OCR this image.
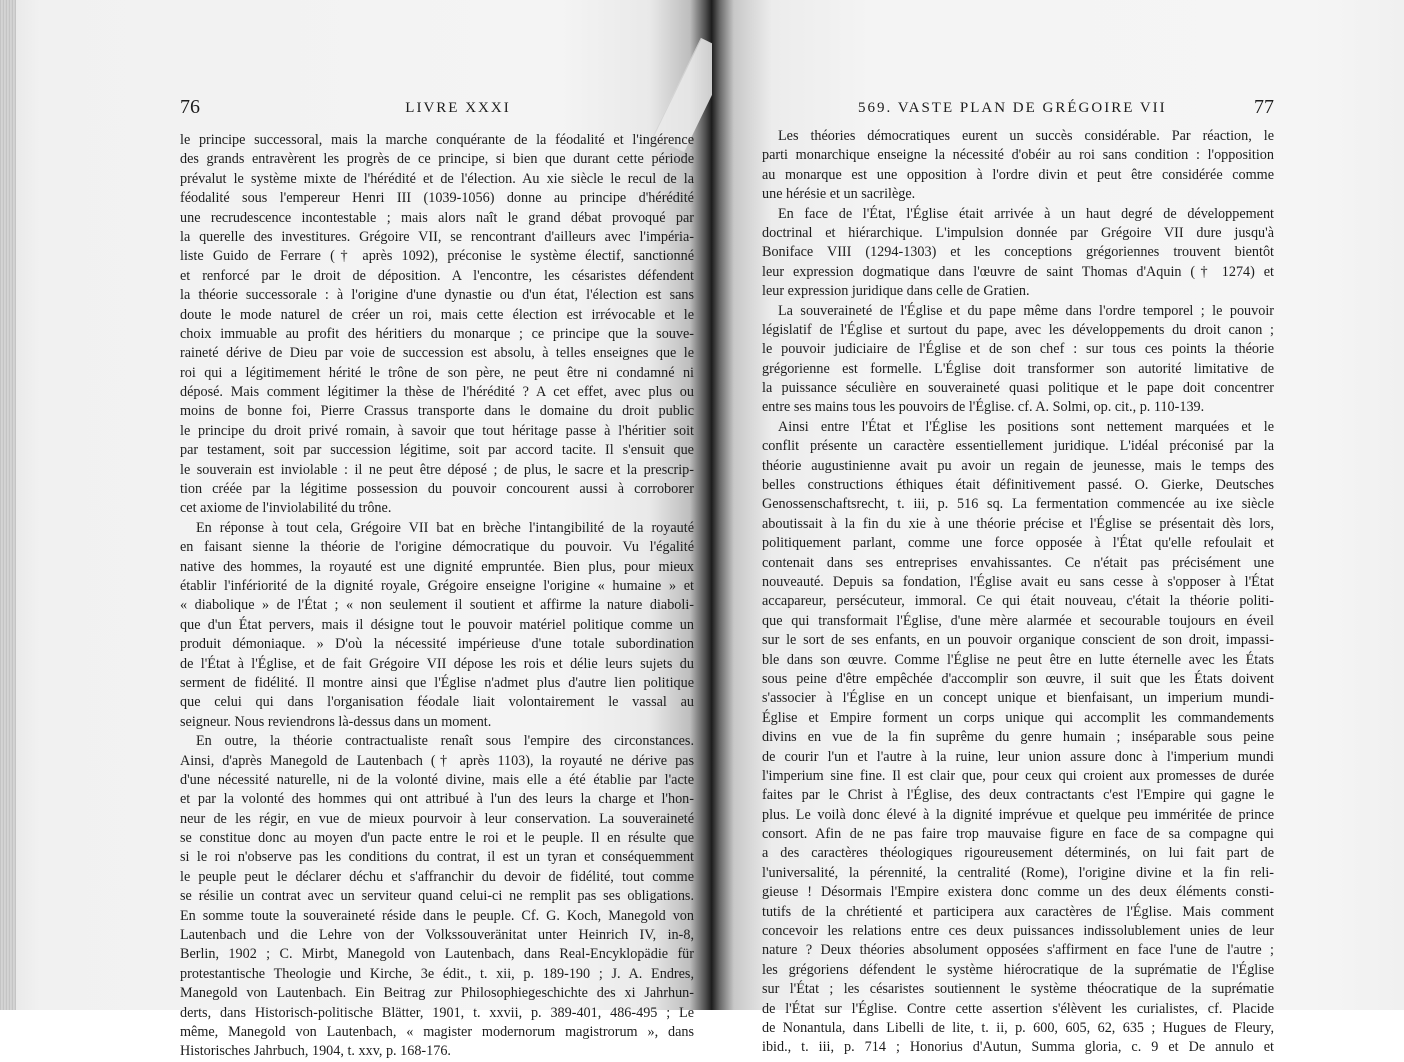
76	LIVRE XXXI
le principe successoral, mais la marche conquérante de la féodalité et l'ingérence
des grands entravèrent les progrès de ce principe, si bien que durant cette période
prévalut le système mixte de l'hérédité et de l'élection. Au xie siècle le recul de la
féodalité sous l'empereur Henri III (1039-1056) donne au principe d'hérédité
une recrudescence incontestable ; mais alors naît le grand débat provoqué par
la querelle des investitures. Grégoire VII, se rencontrant d'ailleurs avec l'impéria-
liste Guido de Ferrare († après 1092), préconise le système électif, sanctionné
et renforcé par le droit de déposition. A l'encontre, les césaristes défendent
la théorie successorale : à l'origine d'une dynastie ou d'un état, l'élection est sans
doute le mode naturel de créer un roi, mais cette élection est irrévocable et le
choix immuable au profit des héritiers du monarque ; ce principe que la souve-
raineté dérive de Dieu par voie de succession est absolu, à telles enseignes que le
roi qui a légitimement hérité le trône de son père, ne peut être ni condamné ni
déposé. Mais comment légitimer la thèse de l'hérédité ? A cet effet, avec plus ou
moins de bonne foi, Pierre Crassus transporte dans le domaine du droit public
le principe du droit privé romain, à savoir que tout héritage passe à l'héritier soit
par testament, soit par succession légitime, soit par accord tacite. Il s'ensuit que
le souverain est inviolable : il ne peut être déposé ; de plus, le sacre et la prescrip-
tion créée par la légitime possession du pouvoir concourent aussi à corroborer
cet axiome de l'inviolabilité du trône.
En réponse à tout cela, Grégoire VII bat en brèche l'intangibilité de la royauté
en faisant sienne la théorie de l'origine démocratique du pouvoir. Vu l'égalité
native des hommes, la royauté est une dignité empruntée. Bien plus, pour mieux
établir l'infériorité de la dignité royale, Grégoire enseigne l'origine « humaine » et
« diabolique » de l'État ; « non seulement il soutient et affirme la nature diaboli-
que d'un État pervers, mais il désigne tout le pouvoir matériel politique comme un
produit démoniaque. » D'où la nécessité impérieuse d'une totale subordination
de l'État à l'Église, et de fait Grégoire VII dépose les rois et délie leurs sujets du
serment de fidélité. Il montre ainsi que l'Église n'admet plus d'autre lien politique
que celui qui dans l'organisation féodale liait volontairement le vassal au
seigneur. Nous reviendrons là-dessus dans un moment.
En outre, la théorie contractualiste renaît sous l'empire des circonstances.
Ainsi, d'après Manegold de Lautenbach († après 1103), la royauté ne dérive pas
d'une nécessité naturelle, ni de la volonté divine, mais elle a été établie par l'acte
et par la volonté des hommes qui ont attribué à l'un des leurs la charge et l'hon-
neur de les régir, en vue de mieux pourvoir à leur conservation. La souveraineté
se constitue donc au moyen d'un pacte entre le roi et le peuple. Il en résulte que
si le roi n'observe pas les conditions du contrat, il est un tyran et conséquemment
le peuple peut le déclarer déchu et s'affranchir du devoir de fidélité, tout comme
se résilie un contrat avec un serviteur quand celui-ci ne remplit pas ses obligations.
En somme toute la souveraineté réside dans le peuple. Cf. G. Koch, Manegold von
Lautenbach und die Lehre von der Volkssouveränitat unter Heinrich IV, in-8,
Berlin, 1902 ; C. Mirbt, Manegold von Lautenbach, dans Real-Encyklopädie für
protestantische Theologie und Kirche, 3e édit., t. xii, p. 189-190 ; J. A. Endres,
Manegold von Lautenbach. Ein Beitrag zur Philosophiegeschichte des xi Jahrhun-
derts, dans Historisch-politische Blätter, 1901, t. xxvii, p. 389-401, 486-495 ; Le
même, Manegold von Lautenbach, « magister modernorum magistrorum », dans
Historisches Jahrbuch, 1904, t. xxv, p. 168-176.
569. VASTE PLAN DE GRÉGOIRE VII	77
Les théories démocratiques eurent un succès considérable. Par réaction, le
parti monarchique enseigne la nécessité d'obéir au roi sans condition : l'opposition
au monarque est une opposition à l'ordre divin et peut être considérée comme
une hérésie et un sacrilège.
En face de l'État, l'Église était arrivée à un haut degré de développement
doctrinal et hiérarchique. L'impulsion donnée par Grégoire VII dure jusqu'à
Boniface VIII (1294-1303) et les conceptions grégoriennes trouvent bientôt
leur expression dogmatique dans l'œuvre de saint Thomas d'Aquin († 1274) et
leur expression juridique dans celle de Gratien.
La souveraineté de l'Église et du pape même dans l'ordre temporel ; le pouvoir
législatif de l'Église et surtout du pape, avec les développements du droit canon ;
le pouvoir judiciaire de l'Église et de son chef : sur tous ces points la théorie
grégorienne est formelle. L'Église doit transformer son autorité limitative de
la puissance séculière en souveraineté quasi politique et le pape doit concentrer
entre ses mains tous les pouvoirs de l'Église. cf. A. Solmi, op. cit., p. 110-139.
Ainsi entre l'État et l'Église les positions sont nettement marquées et le
conflit présente un caractère essentiellement juridique. L'idéal préconisé par la
théorie augustinienne avait pu avoir un regain de jeunesse, mais le temps des
belles constructions éthiques était définitivement passé. O. Gierke, Deutsches
Genossenschaftsrecht, t. iii, p. 516 sq. La fermentation commencée au ixe siècle
aboutissait à la fin du xie à une théorie précise et l'Église se présentait dès lors,
politiquement parlant, comme une force opposée à l'État qu'elle refoulait et
contenait dans ses entreprises envahissantes. Ce n'était pas précisément une
nouveauté. Depuis sa fondation, l'Église avait eu sans cesse à s'opposer à l'État
accapareur, persécuteur, immoral. Ce qui était nouveau, c'était la théorie politi-
que qui transformait l'Église, d'une mère alarmée et secourable toujours en éveil
sur le sort de ses enfants, en un pouvoir organique conscient de son droit, impassi-
ble dans son œuvre. Comme l'Église ne peut être en lutte éternelle avec les États
sous peine d'être empêchée d'accomplir son œuvre, il suit que les États doivent
s'associer à l'Église en un concept unique et bienfaisant, un imperium mundi-
Église et Empire forment un corps unique qui accomplit les commandements
divins en vue de la fin suprême du genre humain ; inséparable sous peine
de courir l'un et l'autre à la ruine, leur union assure donc à l'imperium mundi
l'imperium sine fine. Il est clair que, pour ceux qui croient aux promesses de durée
faites par le Christ à l'Église, des deux contractants c'est l'Empire qui gagne le
plus. Le voilà donc élevé à la dignité imprévue et quelque peu imméritée de prince
consort. Afin de ne pas faire trop mauvaise figure en face de sa compagne qui
a des caractères théologiques rigoureusement déterminés, on lui fait part de
l'universalité, la pérennité, la centralité (Rome), l'origine divine et la fin reli-
gieuse ! Désormais l'Empire existera donc comme un des deux éléments consti-
tutifs de la chrétienté et participera aux caractères de l'Église. Mais comment
concevoir les relations entre ces deux puissances indissolublement unies de leur
nature ? Deux théories absolument opposées s'affirment en face l'une de l'autre ;
les grégoriens défendent le système hiérocratique de la suprématie de l'Église
sur l'État ; les césaristes soutiennent le système théocratique de la suprématie
de l'État sur l'Église. Contre cette assertion s'élèvent les curialistes, cf. Placide
de Nonantula, dans Libelli de lite, t. ii, p. 600, 605, 62, 635 ; Hugues de Fleury,
ibid., t. iii, p. 714 ; Honorius d'Autun, Summa gloria, c. 9 et De annulo et
